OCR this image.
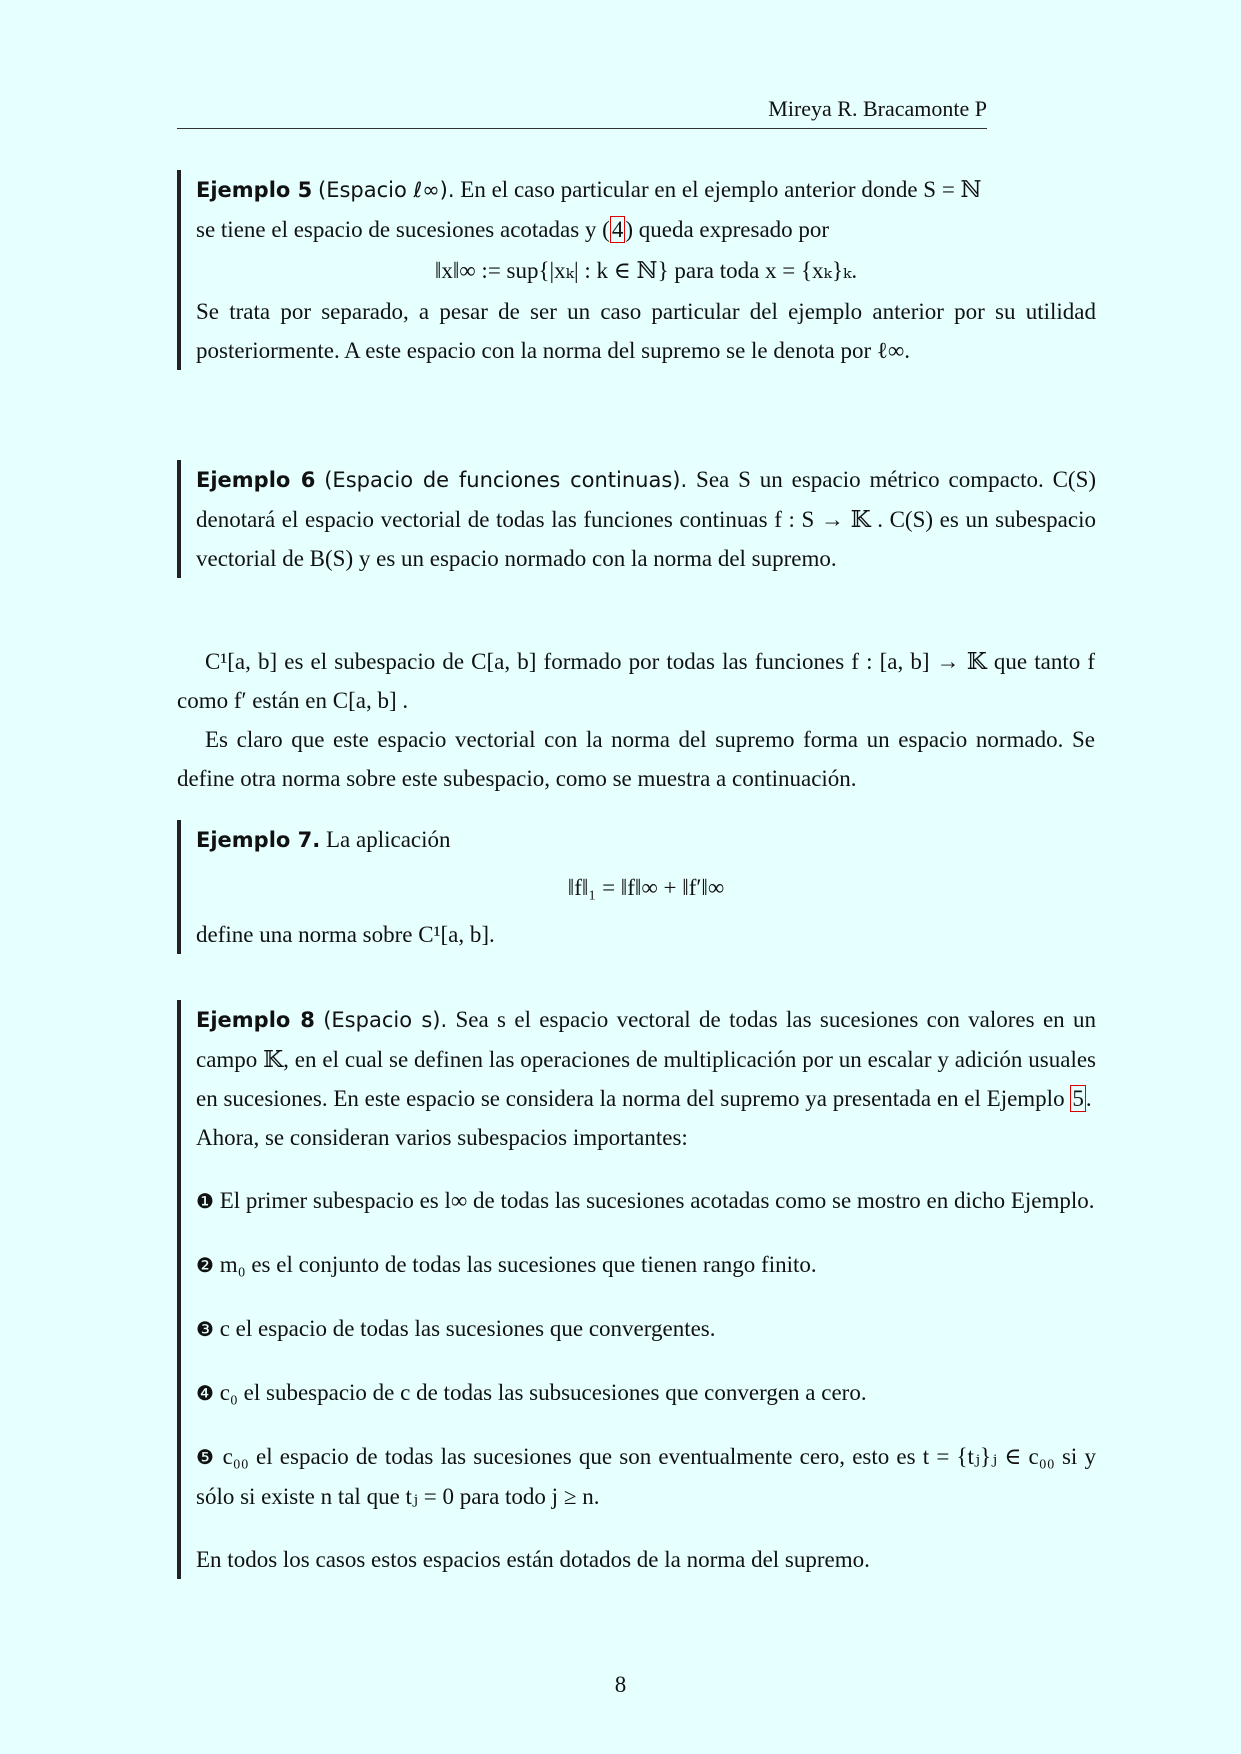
Mireya R. Bracamonte P

Ejemplo 5 (Espacio ℓ∞). En el caso particular en el ejemplo anterior donde S = ℕ

se tiene el espacio de sucesiones acotadas y (4) queda expresado por

‖x‖∞ := sup{|xₖ| : k ∈ ℕ} para toda x = {xₖ}ₖ.

Se trata por separado, a pesar de ser un caso particular del ejemplo anterior por su utilidad posteriormente. A este espacio con la norma del supremo se le denota por ℓ∞.

Ejemplo 6 (Espacio de funciones continuas). Sea S un espacio métrico compacto. C(S) denotará el espacio vectorial de todas las funciones continuas f : S → 𝕂 . C(S) es un subespacio vectorial de B(S) y es un espacio normado con la norma del supremo.

C¹[a, b] es el subespacio de C[a, b] formado por todas las funciones f : [a, b] → 𝕂 que tanto f como f′ están en C[a, b] .

Es claro que este espacio vectorial con la norma del supremo forma un espacio normado. Se define otra norma sobre este subespacio, como se muestra a continuación.

Ejemplo 7. La aplicación

‖f‖₁ = ‖f‖∞ + ‖f′‖∞

define una norma sobre C¹[a, b].

Ejemplo 8 (Espacio s). Sea s el espacio vectoral de todas las sucesiones con valores en un campo 𝕂, en el cual se definen las operaciones de multiplicación por un escalar y adición usuales en sucesiones. En este espacio se considera la norma del supremo ya presentada en el Ejemplo 5.

Ahora, se consideran varios subespacios importantes:

❶ El primer subespacio es l∞ de todas las sucesiones acotadas como se mostro en dicho Ejemplo.

❷ m₀ es el conjunto de todas las sucesiones que tienen rango finito.

❸ c el espacio de todas las sucesiones que convergentes.

❹ c₀ el subespacio de c de todas las subsucesiones que convergen a cero.

❺ c₀₀ el espacio de todas las sucesiones que son eventualmente cero, esto es t = {tⱼ}ⱼ ∈ c₀₀ si y sólo si existe n tal que tⱼ = 0 para todo j ≥ n.

En todos los casos estos espacios están dotados de la norma del supremo.

8
